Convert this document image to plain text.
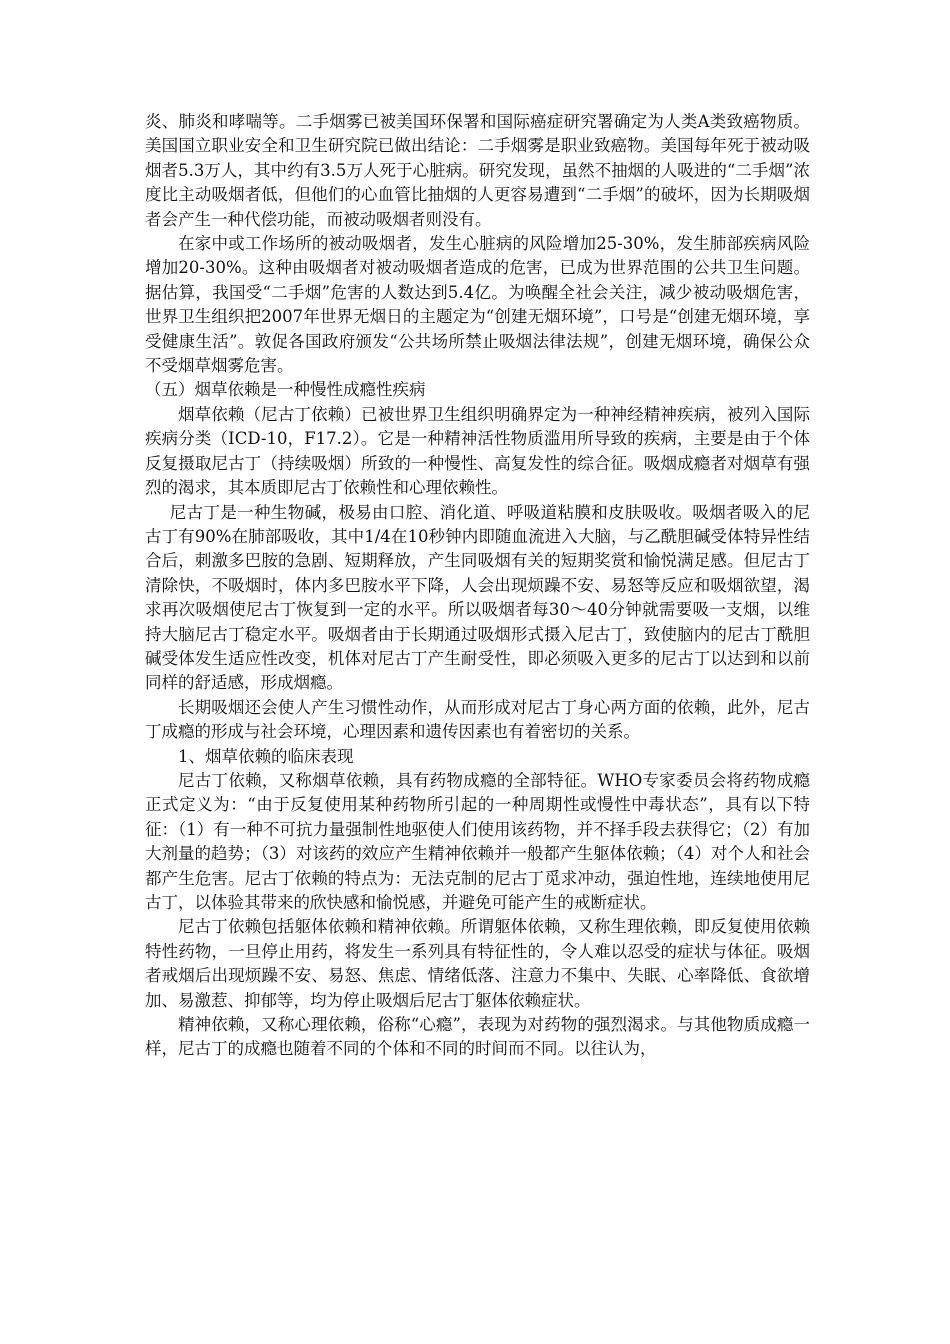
炎、肺炎和哮喘等。二手烟雾已被美国环保署和国际癌症研究署确定为人类A类致癌物质。美国国立职业安全和卫生研究院已做出结论：二手烟雾是职业致癌物。美国每年死于被动吸烟者5.3万人，其中约有3.5万人死于心脏病。研究发现，虽然不抽烟的人吸进的“二手烟”浓度比主动吸烟者低，但他们的心血管比抽烟的人更容易遭到“二手烟”的破坏，因为长期吸烟者会产生一种代偿功能，而被动吸烟者则没有。

在家中或工作场所的被动吸烟者，发生心脏病的风险增加25-30%，发生肺部疾病风险增加20-30%。这种由吸烟者对被动吸烟者造成的危害，已成为世界范围的公共卫生问题。据估算，我国受“二手烟”危害的人数达到5.4亿。为唤醒全社会关注，减少被动吸烟危害，世界卫生组织把2007年世界无烟日的主题定为“创建无烟环境”，口号是“创建无烟环境，享受健康生活”。敦促各国政府颁发“公共场所禁止吸烟法律法规”，创建无烟环境，确保公众不受烟草烟雾危害。

（五）烟草依赖是一种慢性成瘾性疾病

烟草依赖（尼古丁依赖）已被世界卫生组织明确界定为一种神经精神疾病，被列入国际疾病分类（ICD-10，F17.2）。它是一种精神活性物质滥用所导致的疾病，主要是由于个体反复摄取尼古丁（持续吸烟）所致的一种慢性、高复发性的综合征。吸烟成瘾者对烟草有强烈的渴求，其本质即尼古丁依赖性和心理依赖性。

尼古丁是一种生物碱，极易由口腔、消化道、呼吸道粘膜和皮肤吸收。吸烟者吸入的尼古丁有90%在肺部吸收，其中1/4在10秒钟内即随血流进入大脑，与乙酰胆碱受体特异性结合后，刺激多巴胺的急剧、短期释放，产生同吸烟有关的短期奖赏和愉悦满足感。但尼古丁清除快，不吸烟时，体内多巴胺水平下降，人会出现烦躁不安、易怒等反应和吸烟欲望，渴求再次吸烟使尼古丁恢复到一定的水平。所以吸烟者每30～40分钟就需要吸一支烟，以维持大脑尼古丁稳定水平。吸烟者由于长期通过吸烟形式摄入尼古丁，致使脑内的尼古丁酰胆碱受体发生适应性改变，机体对尼古丁产生耐受性，即必须吸入更多的尼古丁以达到和以前同样的舒适感，形成烟瘾。

长期吸烟还会使人产生习惯性动作，从而形成对尼古丁身心两方面的依赖，此外，尼古丁成瘾的形成与社会环境，心理因素和遗传因素也有着密切的关系。

1、烟草依赖的临床表现

尼古丁依赖，又称烟草依赖，具有药物成瘾的全部特征。WHO专家委员会将药物成瘾正式定义为：“由于反复使用某种药物所引起的一种周期性或慢性中毒状态”，具有以下特征：（1）有一种不可抗力量强制性地驱使人们使用该药物，并不择手段去获得它；（2）有加大剂量的趋势；（3）对该药的效应产生精神依赖并一般都产生躯体依赖；（4）对个人和社会都产生危害。尼古丁依赖的特点为：无法克制的尼古丁觅求冲动，强迫性地，连续地使用尼古丁，以体验其带来的欣快感和愉悦感，并避免可能产生的戒断症状。

尼古丁依赖包括躯体依赖和精神依赖。所谓躯体依赖，又称生理依赖，即反复使用依赖特性药物，一旦停止用药，将发生一系列具有特征性的，令人难以忍受的症状与体征。吸烟者戒烟后出现烦躁不安、易怒、焦虑、情绪低落、注意力不集中、失眠、心率降低、食欲增加、易激惹、抑郁等，均为停止吸烟后尼古丁躯体依赖症状。

精神依赖，又称心理依赖，俗称“心瘾”，表现为对药物的强烈渴求。与其他物质成瘾一样，尼古丁的成瘾也随着不同的个体和不同的时间而不同。以往认为，
